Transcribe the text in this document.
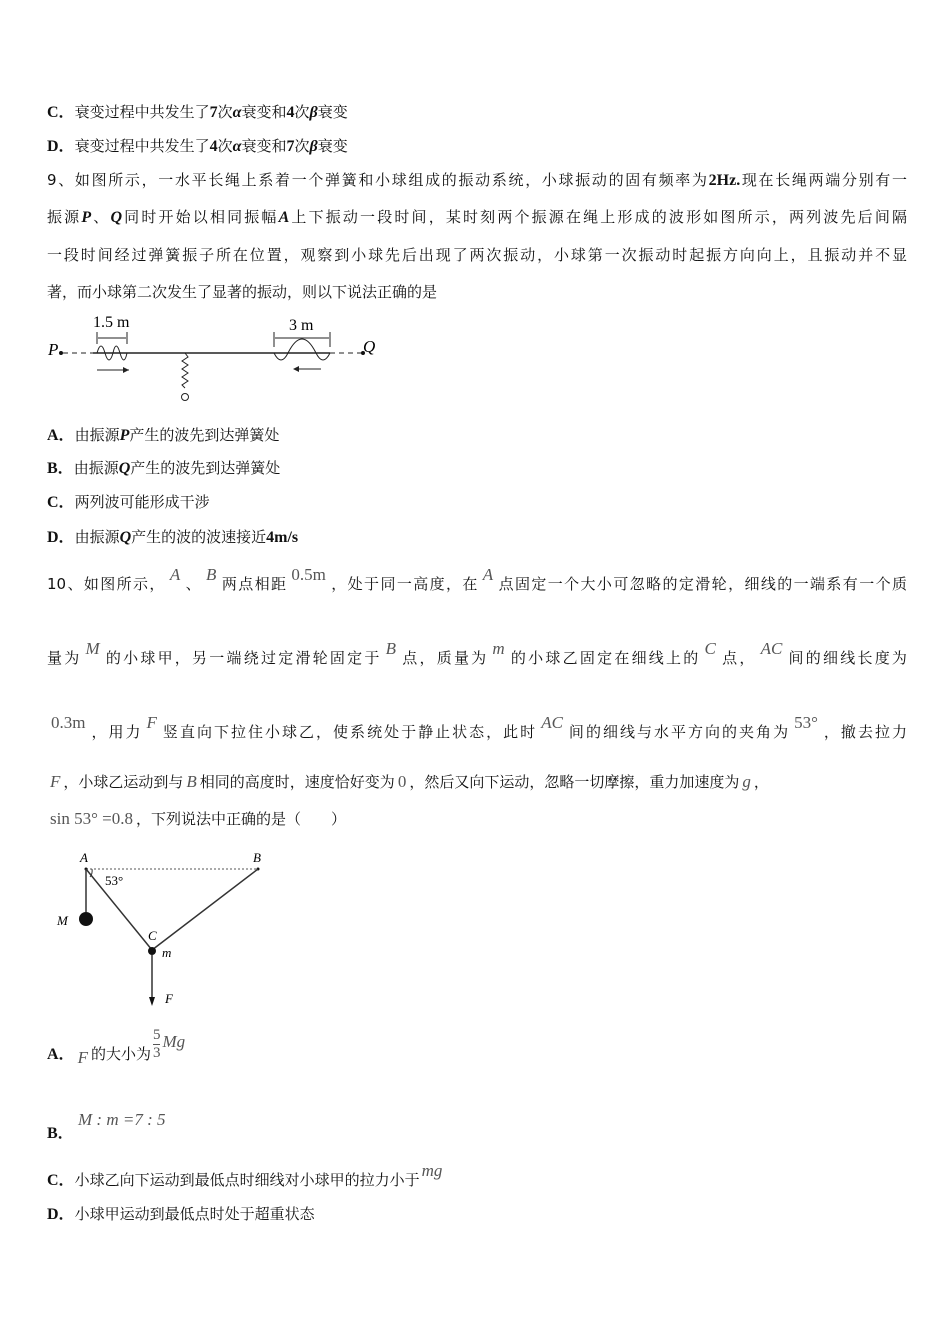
C．衰变过程中共发生了7次α衰变和4次β衰变
D．衰变过程中共发生了4次α衰变和7次β衰变
9、如图所示，一水平长绳上系着一个弹簧和小球组成的振动系统，小球振动的固有频率为2Hz.现在长绳两端分别有一
振源P、Q同时开始以相同振幅A上下振动一段时间，某时刻两个振源在绳上形成的波形如图所示，两列波先后间隔
一段时间经过弹簧振子所在位置，观察到小球先后出现了两次振动，小球第一次振动时起振方向向上，且振动并不显
著，而小球第二次发生了显著的振动，则以下说法正确的是
P	Q
1.5 m	3 m
A．由振源P产生的波先到达弹簧处
B．由振源Q产生的波先到达弹簧处
C．两列波可能形成干涉
D．由振源Q产生的波的波速接近4m/s
10、如图所示， A 、 B 两点相距 0.5m ，处于同一高度，在 A 点固定一个大小可忽略的定滑轮，细线的一端系有一个质
量为 M 的小球甲，另一端绕过定滑轮固定于 B 点，质量为 m 的小球乙固定在细线上的 C 点， AC 间的细线长度为
0.3m ，用力 F 竖直向下拉住小球乙，使系统处于静止状态，此时 AC 间的细线与水平方向的夹角为 53° ，撤去拉力
F ，小球乙运动到与 B 相同的高度时，速度恰好变为 0 ，然后又向下运动，忽略一切摩擦，重力加速度为 g ，
sin 53° =0.8 ，下列说法中正确的是（　　）
A	B
M
53°
C
m
F
A． F 的大小为 $\frac{5}{3}$ Mg
M : m =7 : 5
B．
C．小球乙向下运动到最低点时细线对小球甲的拉力小于 mg
D．小球甲运动到最低点时处于超重状态
